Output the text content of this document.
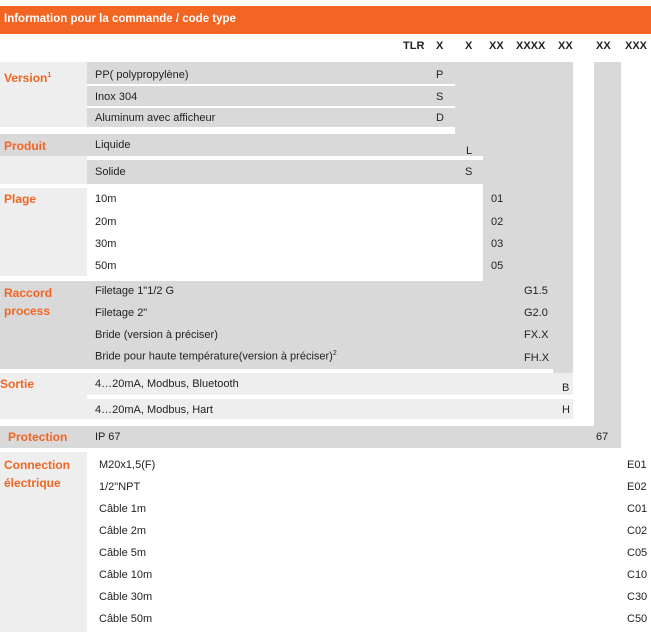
Information pour la commande / code type
TLR X X XX XXXX XX XX XXX
Version$^1$	PP( polypropylène)	P
Inox 304	S
Aluminum avec afficheur	D
Produit	Liquide	L
Solide	S
Plage	10m	01
20m	02
30m	03
50m	05
Raccord
process
Filetage 1"1/2 G	G1.5
Filetage 2"	G2.0
Bride (version à préciser)	FX.X
Bride pour haute température(version à préciser)$^2$	FH.X
Sortie	4…20mA, Modbus, Bluetooth	B
4…20mA, Modbus, Hart	H
Protection	IP 67	67
Connection
électrique
M20x1,5(F)	E01
1/2"NPT	E02
Câble 1m	C01
Câble 2m	C02
Câble 5m	C05
Câble 10m	C10
Câble 30m	C30
Câble 50m	C50
